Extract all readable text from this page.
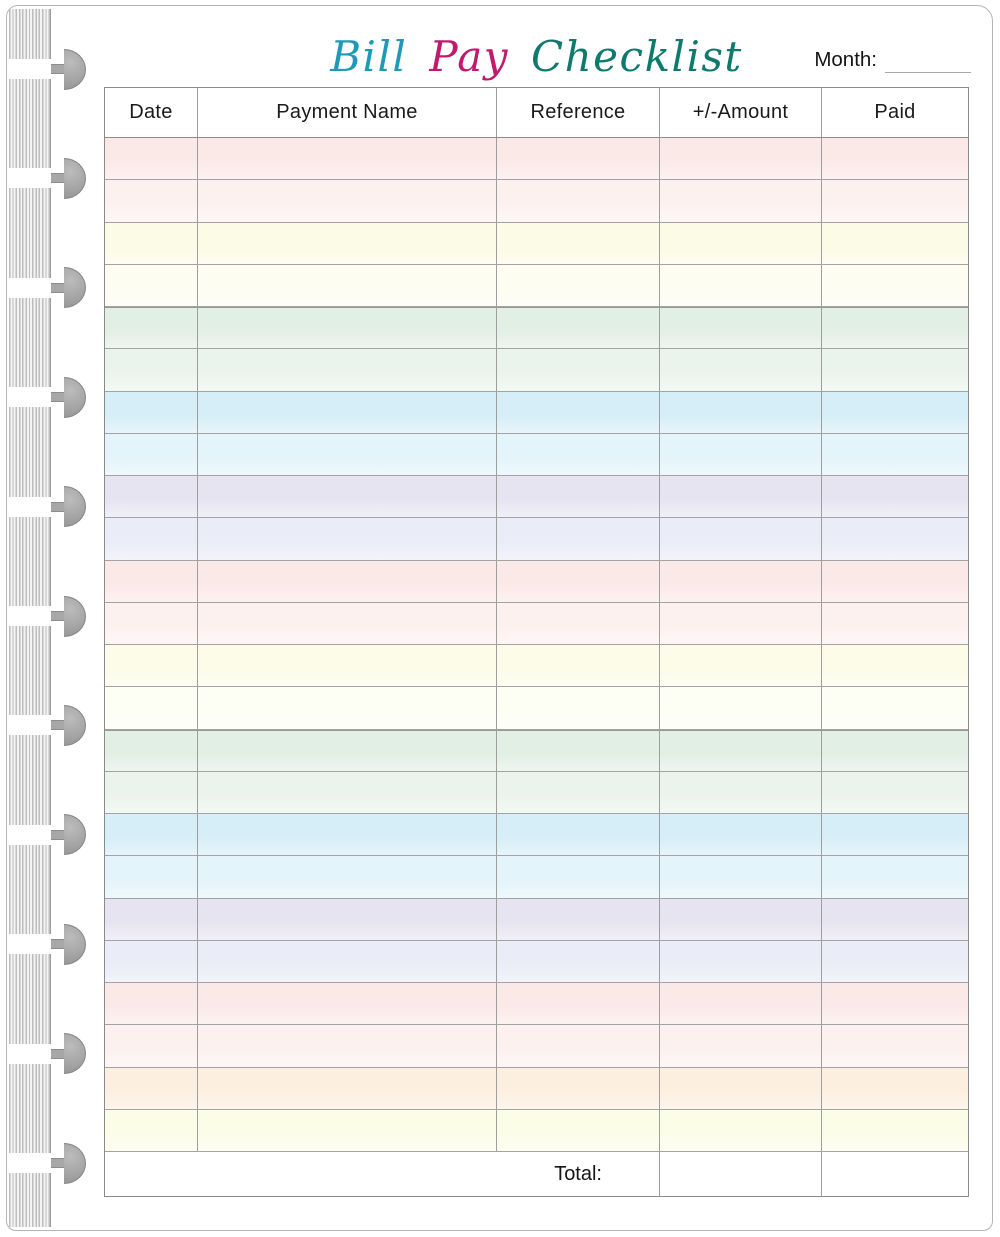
Bill Pay Checklist	Month:
Date	Payment Name	Reference	+/-Amount	Paid
Total:
